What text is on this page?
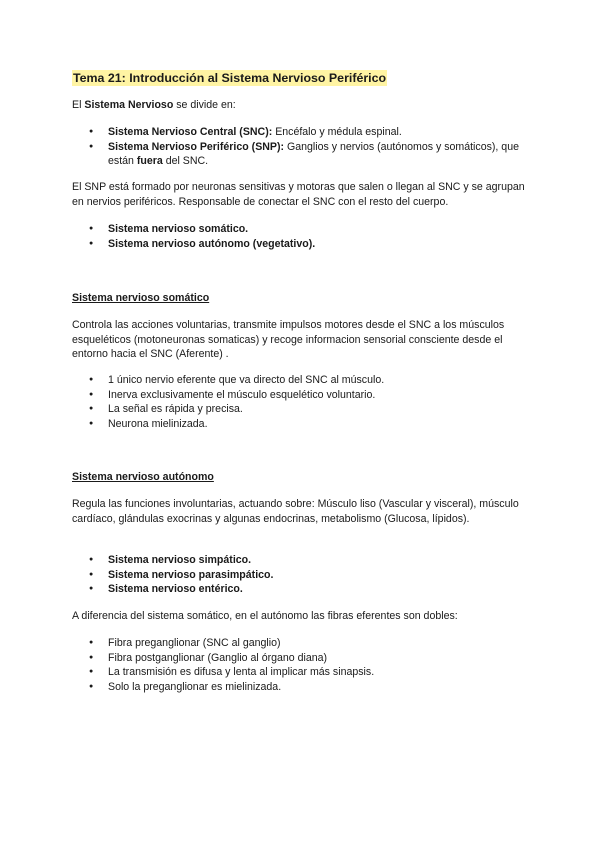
Tema 21: Introducción al Sistema Nervioso Periférico

El Sistema Nervioso se divide en:

● Sistema Nervioso Central (SNC): Encéfalo y médula espinal.
● Sistema Nervioso Periférico (SNP): Ganglios y nervios (autónomos y somáticos), que están fuera del SNC.

El SNP está formado por neuronas sensitivas y motoras que salen o llegan al SNC y se agrupan en nervios periféricos. Responsable de conectar el SNC con el resto del cuerpo.

● Sistema nervioso somático.
● Sistema nervioso autónomo (vegetativo).
Sistema nervioso somático

Controla las acciones voluntarias, transmite impulsos motores desde el SNC a los músculos esqueléticos (motoneuronas somaticas) y recoge informacion sensorial consciente desde el entorno hacia el SNC (Aferente) .

● 1 único nervio eferente que va directo del SNC al músculo.
● Inerva exclusivamente el músculo esquelético voluntario.
● La señal es rápida y precisa.
● Neurona mielinizada.
Sistema nervioso autónomo

Regula las funciones involuntarias, actuando sobre: Músculo liso (Vascular y visceral), músculo cardíaco, glándulas exocrinas y algunas endocrinas, metabolismo (Glucosa, lípidos).

● Sistema nervioso simpático.
● Sistema nervioso parasimpático.
● Sistema nervioso entérico.

A diferencia del sistema somático, en el autónomo las fibras eferentes son dobles:

● Fibra preganglionar (SNC al ganglio)
● Fibra postganglionar (Ganglio al órgano diana)
● La transmisión es difusa y lenta al implicar más sinapsis.
● Solo la preganglionar es mielinizada.
